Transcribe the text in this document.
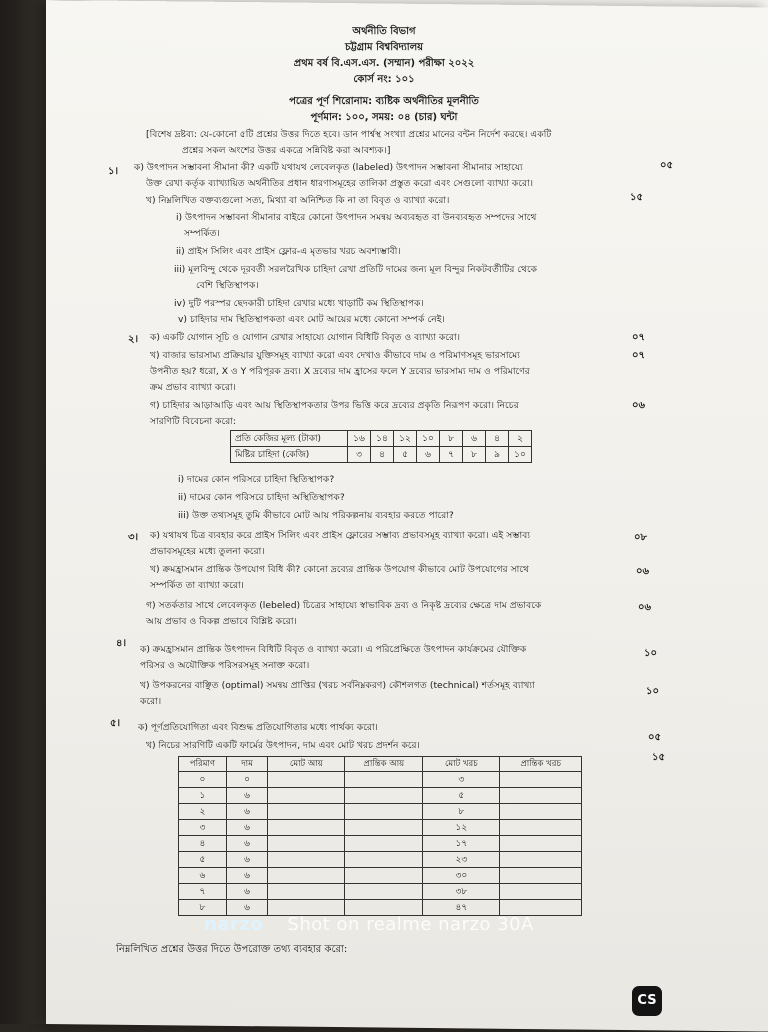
অর্থনীতি বিভাগ
চট্টগ্রাম বিশ্ববিদ্যালয়
প্রথম বর্ষ বি.এস.এস. (সম্মান) পরীক্ষা ২০২২
কোর্স নং: ১০১
পত্রের পূর্ণ শিরোনাম: ব্যষ্টিক অর্থনীতির মূলনীতি
পূর্ণমান: ১০০, সময়: ০৪ (চার) ঘন্টা
[বিশেষ দ্রষ্টব্য: যে-কোনো ৫টি প্রশ্নের উত্তর দিতে হবে। ডান পার্শ্বস্থ সংখ্যা প্রশ্নের মানের বন্টন নির্দেশ করছে। একটি
প্রশ্নের সকল অংশের উত্তর একত্রে সন্নিবিষ্ট করা আবশ্যক।]
১। ক) উৎপাদন সম্ভাবনা সীমানা কী? একটি যথাযথ লেবেলকৃত (labeled) উৎপাদন সম্ভাবনা সীমানার সাহায্যে
উক্ত রেখা কর্তৃক ব্যাখ্যায়িত অর্থনীতির প্রধান ধারণাসমূহের তালিকা প্রস্তুত করো এবং সেগুলো ব্যাখ্যা করো।
০৫
খ) নিম্নলিখিত বক্তব্যগুলো সত্য, মিথ্যা বা অনিশ্চিত কি না তা বিবৃত ও ব্যাখ্যা করো।	১৫
i) উৎপাদন সম্ভাবনা সীমানার বাইরে কোনো উৎপাদন সমন্বয় অব্যবহৃত বা উনব্যবহৃত সম্পদের সাথে
সম্পর্কিত।
ii) প্রাইস সিলিং এবং প্রাইস ফ্লোর-এ মৃতভার খরচ অবশ্যম্ভাবী।
iii) মূলবিন্দু থেকে দূরবর্তী সরলরৈখিক চাহিদা রেখা প্রতিটি দামের জন্য মূল বিন্দুর নিকটবর্তীটির থেকে
বেশি স্থিতিস্থাপক।
iv) দুটি পরস্পর ছেদকারী চাহিদা রেখার মধ্যে খাড়াটি কম স্থিতিস্থাপক।
v) চাহিদার দাম স্থিতিস্থাপকতা এবং মোট আয়ের মধ্যে কোনো সম্পর্ক নেই।
২। ক) একটি যোগান সূচি ও যোগান রেখার সাহায্যে যোগান বিধিটি বিবৃত ও ব্যাখ্যা করো।	০৭
খ) বাজার ভারসাম্য প্রক্রিয়ার যুক্তিসমূহ ব্যাখ্যা করো এবং দেখাও কীভাবে দাম ও পরিমাণসমূহ ভারসাম্যে
উপনীত হয়? ধরো, X ও Y পরিপূরক দ্রব্য। X দ্রব্যের দাম হ্রাসের ফলে Y দ্রব্যের ভারসাম্য দাম ও পরিমাণের
ক্রম প্রভাব ব্যাখ্যা করো।
০৭
গ) চাহিদার আড়াআড়ি এবং আয় স্থিতিস্থাপকতার উপর ভিত্তি করে দ্রব্যের প্রকৃতি নিরূপণ করো। নিচের
সারণিটি বিবেচনা করো:
০৬
প্রতি কেজির মূল্য (টাকা)	১৬	১৪	১২	১০	৮	৬	৪	২
মিষ্টির চাহিদা (কেজি)	৩	৪	৫	৬	৭	৮	৯	১০
i) দামের কোন পরিসরে চাহিদা স্থিতিস্থাপক?
ii) দামের কোন পরিসরে চাহিদা অস্থিতিস্থাপক?
iii) উক্ত তথ্যসমূহ তুমি কীভাবে মোট আয় পরিকল্পনায় ব্যবহার করতে পারো?
৩। ক) যথাযথ চিত্র ব্যবহার করে প্রাইস সিলিং এবং প্রাইস ফ্লোরের সম্ভাব্য প্রভাবসমূহ ব্যাখ্যা করো। এই সম্ভাব্য
প্রভাবসমূহের মধ্যে তুলনা করো।
০৮
খ) ক্রমহ্রাসমান প্রান্তিক উপযোগ বিধি কী? কোনো দ্রব্যের প্রান্তিক উপযোগ কীভাবে মোট উপযোগের সাথে
সম্পর্কিত তা ব্যাখ্যা করো।
০৬
গ) সতর্কতার সাথে লেবেলকৃত (lebeled) চিত্রের সাহায্যে স্বাভাবিক দ্রব্য ও নিকৃষ্ট দ্রব্যের ক্ষেত্রে দাম প্রভাবকে
আয় প্রভাব ও বিকল্প প্রভাবে বিশ্লিষ্ট করো।
০৬
৪।
ক) ক্রমহ্রাসমান প্রান্তিক উৎপাদন বিধিটি বিবৃত ও ব্যাখ্যা করো। এ পরিপ্রেক্ষিতে উৎপাদন কার্যক্রমের যৌক্তিক
পরিসর ও অযৌক্তিক পরিসরসমূহ সনাক্ত করো।
১০
খ) উপকরনের বাঞ্ছিত (optimal) সমন্বয় প্রাপ্তির (খরচ সর্বনিম্নকরণ) কৌশলগত (technical) শর্তসমূহ ব্যাখ্যা
করো।
১০
৫। ক) পূর্ণপ্রতিযোগিতা এবং বিশুদ্ধ প্রতিযোগিতার মধ্যে পার্থক্য করো।
০৫
খ) নিচের সারণিটি একটি ফার্মের উৎপাদন, দাম এবং মোট খরচ প্রদর্শন করে।
১৫
পরিমাণ	দাম	মোট আয়	প্রান্তিক আয়	মোট খরচ	প্রান্তিক খরচ
০	০			৩	
১	৬			৫	
২	৬			৮	
৩	৬			১২	
৪	৬			১৭	
৫	৬			২৩	
৬	৬			৩০	
৭	৬			৩৮	
৮	৬			৪৭	
নিম্নলিখিত প্রশ্নের উত্তর দিতে উপরোক্ত তথ্য ব্যবহার করো:
narzo Shot on realme narzo 30A
CS
